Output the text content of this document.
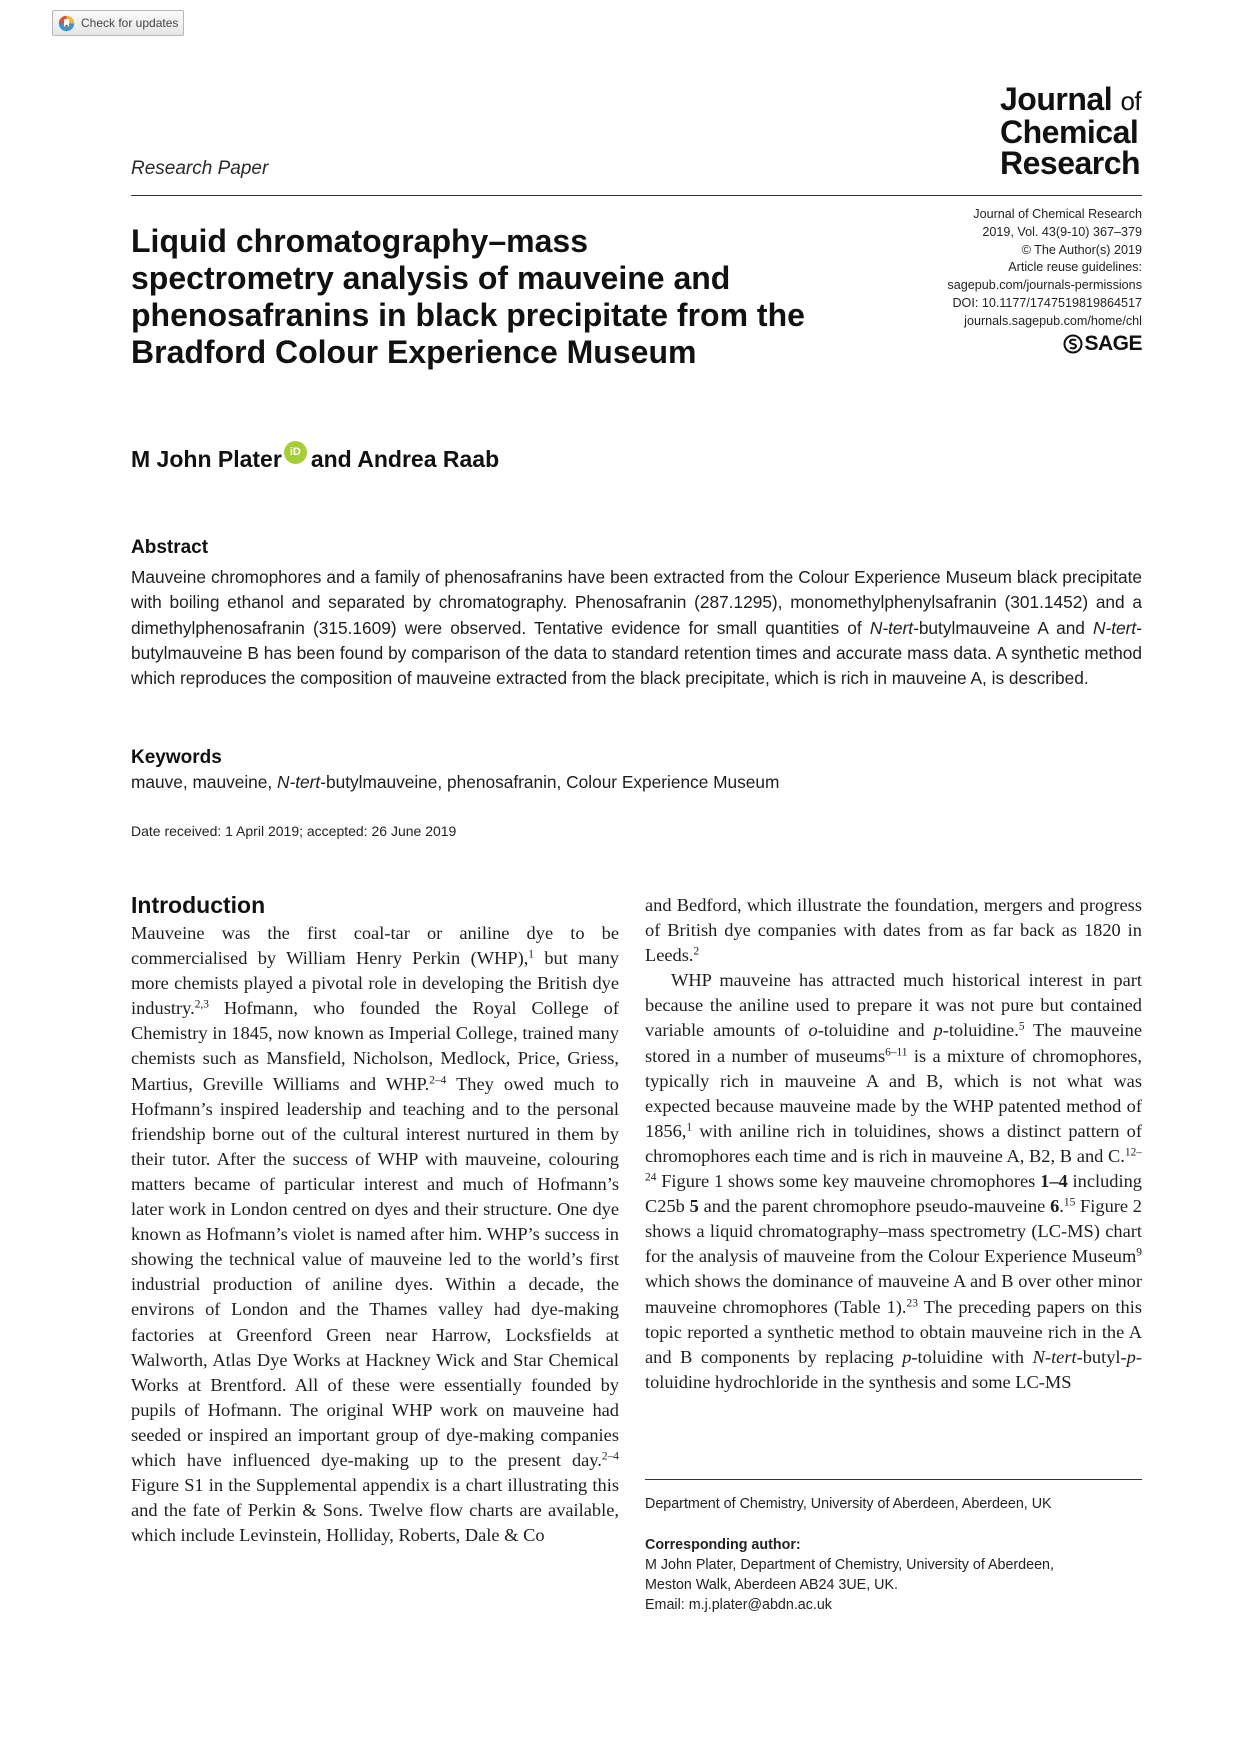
Check for updates
Research Paper
Journal of
Chemical
Research
Liquid chromatography–mass
spectrometry analysis of mauveine and
phenosafranins in black precipitate from the
Bradford Colour Experience Museum
Journal of Chemical Research
2019, Vol. 43(9-10) 367–379
© The Author(s) 2019
Article reuse guidelines:
sagepub.com/journals-permissions
DOI: 10.1177/1747519819864517
journals.sagepub.com/home/chl
SAGE
M John Plater iD and Andrea Raab
Abstract

Mauveine chromophores and a family of phenosafranins have been extracted from the Colour Experience Museum black precipitate with boiling ethanol and separated by chromatography. Phenosafranin (287.1295), monomethylphenylsafranin (301.1452) and a dimethylphenosafranin (315.1609) were observed. Tentative evidence for small quantities of N-tert-butylmauveine A and N-tert-butylmauveine B has been found by comparison of the data to standard retention times and accurate mass data. A synthetic method which reproduces the composition of mauveine extracted from the black precipitate, which is rich in mauveine A, is described.

Keywords
mauve, mauveine, N-tert-butylmauveine, phenosafranin, Colour Experience Museum
Date received: 1 April 2019; accepted: 26 June 2019
Introduction

Mauveine was the first coal-tar or aniline dye to be commercialised by William Henry Perkin (WHP),$^1$ but many more chemists played a pivotal role in developing the British dye industry.$^{2,3}$ Hofmann, who founded the Royal College of Chemistry in 1845, now known as Imperial College, trained many chemists such as Mansfield, Nicholson, Medlock, Price, Griess, Martius, Greville Williams and WHP.$^{2-4}$ They owed much to Hofmann’s inspired leadership and teaching and to the personal friendship borne out of the cultural interest nurtured in them by their tutor. After the success of WHP with mauveine, colouring matters became of particular interest and much of Hofmann’s later work in London centred on dyes and their structure. One dye known as Hofmann’s violet is named after him. WHP’s success in showing the technical value of mauveine led to the world’s first industrial production of aniline dyes. Within a decade, the environs of London and the Thames valley had dye-making factories at Greenford Green near Harrow, Locksfields at Walworth, Atlas Dye Works at Hackney Wick and Star Chemical Works at Brentford. All of these were essentially founded by pupils of Hofmann. The original WHP work on mauveine had seeded or inspired an important group of dye-making companies which have influenced dye-making up to the present day.$^{2-4}$ Figure S1 in the Supplemental appendix is a chart illustrating this and the fate of Perkin & Sons. Twelve flow charts are available, which include Levinstein, Holliday, Roberts, Dale & Co

and Bedford, which illustrate the foundation, mergers and progress of British dye companies with dates from as far back as 1820 in Leeds.$^2$

WHP mauveine has attracted much historical interest in part because the aniline used to prepare it was not pure but contained variable amounts of o-toluidine and p-toluidine.$^5$ The mauveine stored in a number of museums$^{6-11}$ is a mixture of chromophores, typically rich in mauveine A and B, which is not what was expected because mauveine made by the WHP patented method of 1856,$^1$ with aniline rich in toluidines, shows a distinct pattern of chromophores each time and is rich in mauveine A, B2, B and C.$^{12-24}$ Figure 1 shows some key mauveine chromophores 1–4 including C25b 5 and the parent chromophore pseudo-mauveine 6.15 Figure 2 shows a liquid chromatography–mass spectrometry (LC-MS) chart for the analysis of mauveine from the Colour Experience Museum$^9$ which shows the dominance of mauveine A and B over other minor mauveine chromophores (Table 1).$^{23}$ The preceding papers on this topic reported a synthetic method to obtain mauveine rich in the A and B components by replacing p-toluidine with N-tert-butyl-p-toluidine hydrochloride in the synthesis and some LC-MS

Department of Chemistry, University of Aberdeen, Aberdeen, UK
Corresponding author:
M John Plater, Department of Chemistry, University of Aberdeen,
Meston Walk, Aberdeen AB24 3UE, UK.
Email: m.j.plater@abdn.ac.uk
